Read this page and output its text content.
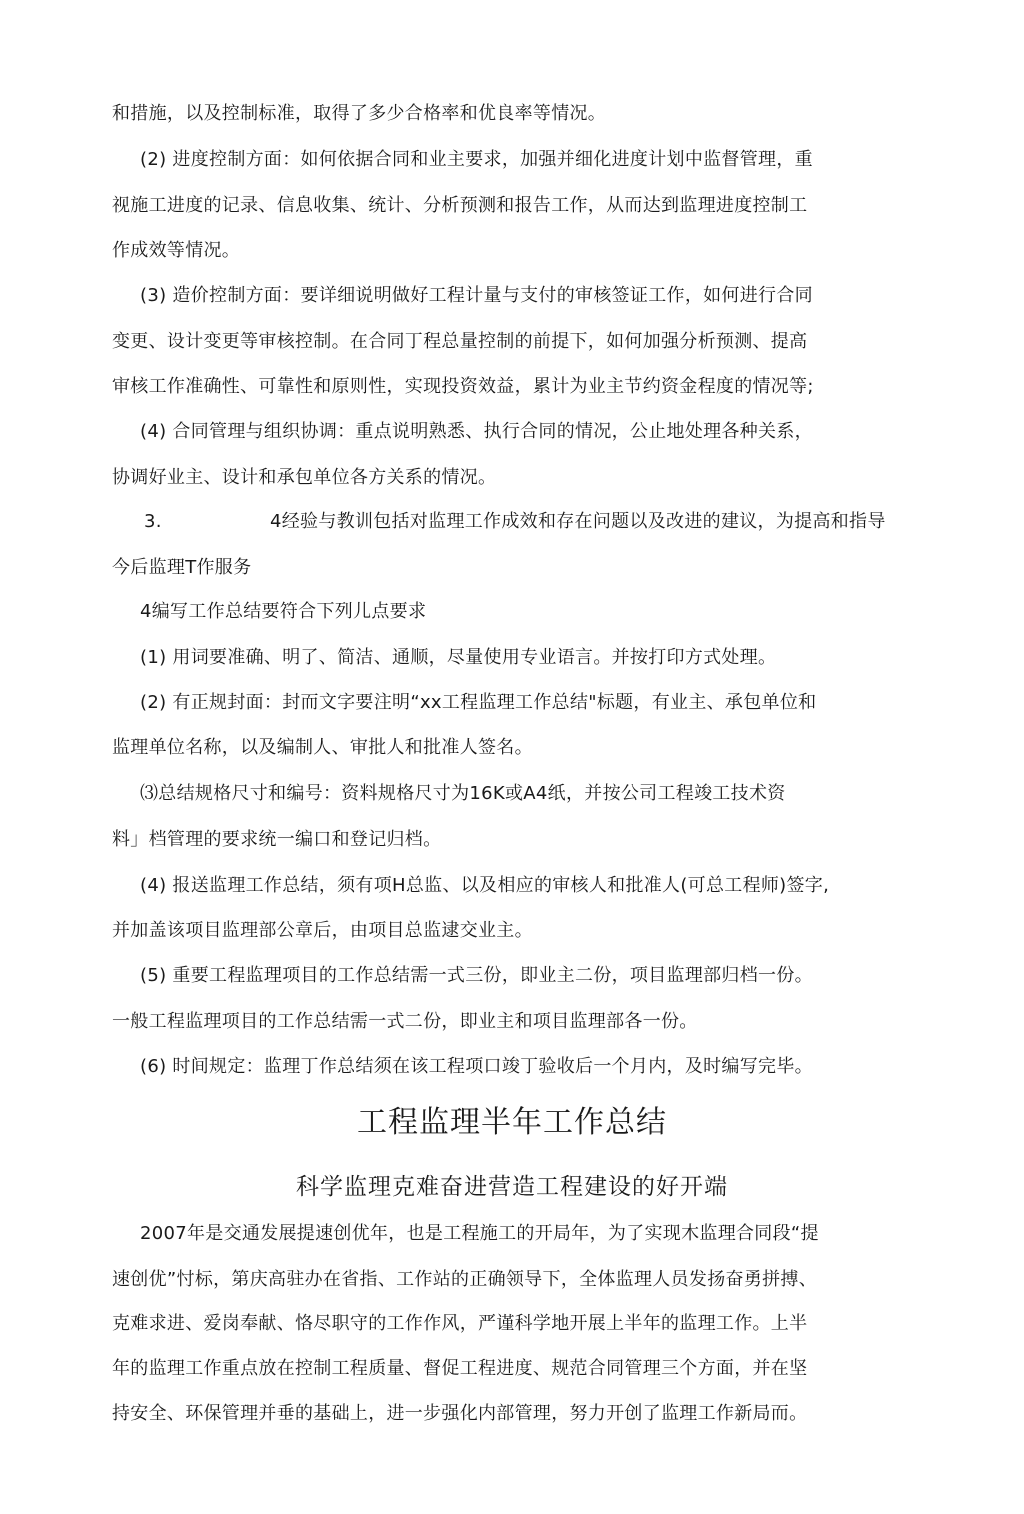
和措施，以及控制标准，取得了多少合格率和优良率等情况。
(2) 进度控制方面：如何依据合同和业主要求，加强并细化进度计划中监督管理，重
视施工进度的记录、信息收集、统计、分析预测和报告工作，从而达到监理进度控制工
作成效等情况。
(3) 造价控制方面：要详细说明做好工程计量与支付的审核签证工作，如何进行合同
变更、设计变更等审核控制。在合同丁程总量控制的前提下，如何加强分析预测、提高
审核工作准确性、可靠性和原则性，实现投资效益，累计为业主节约资金程度的情况等;
(4) 合同管理与组织协调：重点说明熟悉、执行合同的情况，公止地处理各种关系，
协调好业主、设计和承包单位各方关系的情况。
3.	4经验与教训包括对监理工作成效和存在问题以及改进的建议，为提高和指导
今后监理T作服务
4编写工作总结要符合下列儿点要求
(1) 用词要准确、明了、简洁、通顺，尽量使用专业语言。并按打印方式处理。
(2) 有正规封面：封而文字要注明“xx工程监理工作总结"标题，有业主、承包单位和
监理单位名称，以及编制人、审批人和批准人签名。
⑶总结规格尺寸和编号：资料规格尺寸为16K或A4纸，并按公司工程竣工技术资
料」档管理的要求统一编口和登记归档。
(4) 报送监理工作总结，须有项H总监、以及相应的审核人和批准人(可总工程师)签字,
并加盖该项目监理部公章后，由项目总监逮交业主。
(5) 重要工程监理项目的工作总结需一式三份，即业主二份，项目监理部归档一份。
一般工程监理项目的工作总结需一式二份，即业主和项目监理部各一份。
(6) 时间规定：监理丁作总结须在该工程项口竣丁验收后一个月内，及时编写完毕。
工程监理半年工作总结
科学监理克难奋进营造工程建设的好开端
2007年是交通发展提速创优年，也是工程施工的开局年，为了实现木监理合同段“提
速创优”忖标，第庆高驻办在省指、工作站的正确领导下，全体监理人员发扬奋勇拼搏、
克难求进、爱岗奉献、恪尽职守的工作作风，严谨科学地开展上半年的监理工作。上半
年的监理工作重点放在控制工程质量、督促工程进度、规范合同管理三个方面，并在坚
持安全、环保管理并垂的基础上，进一步强化内部管理，努力开创了监理工作新局而。
